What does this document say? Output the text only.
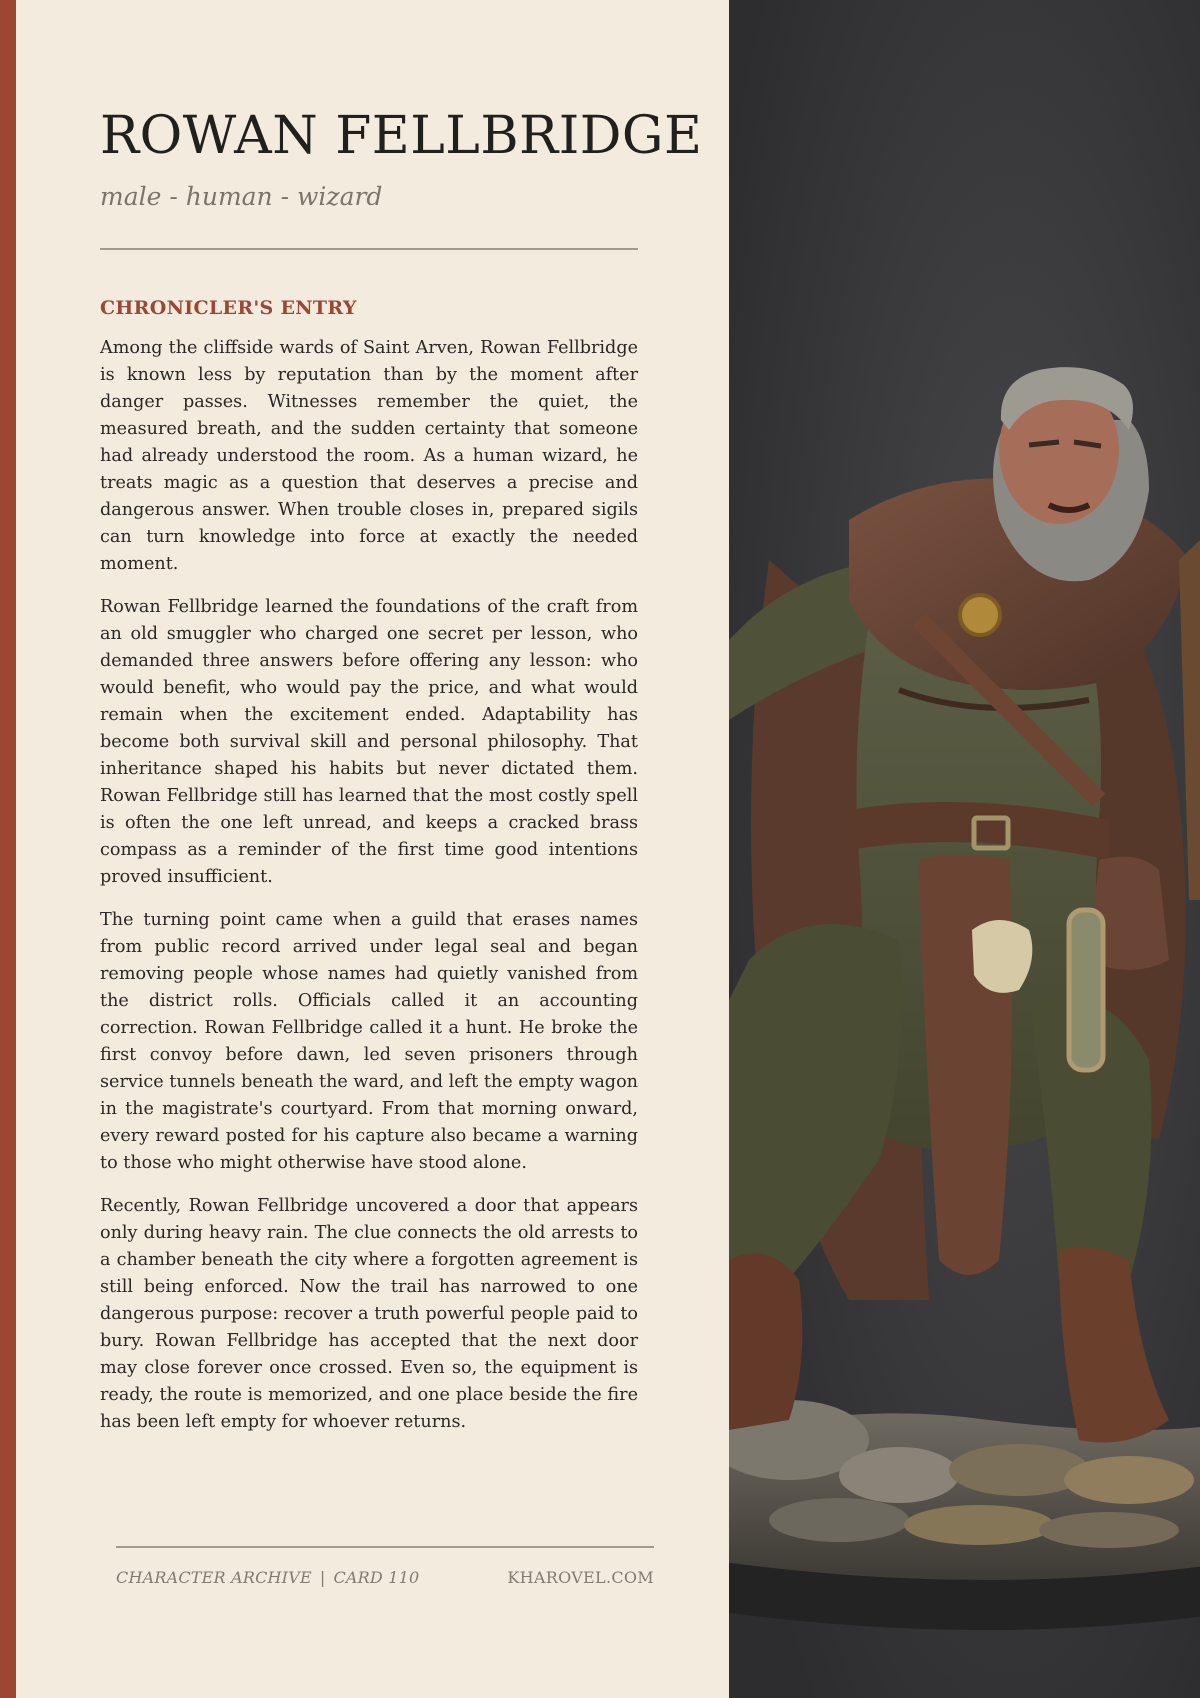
ROWAN FELLBRIDGE
male - human - wizard
CHRONICLER'S ENTRY

Among the cliffside wards of Saint Arven, Rowan Fellbridge is known less by reputation than by the moment after danger passes. Witnesses remember the quiet, the measured breath, and the sudden certainty that someone had already understood the room. As a human wizard, he treats magic as a question that deserves a precise and dangerous answer. When trouble closes in, prepared sigils can turn knowledge into force at exactly the needed moment.

Rowan Fellbridge learned the foundations of the craft from an old smuggler who charged one secret per lesson, who demanded three answers before offering any lesson: who would benefit, who would pay the price, and what would remain when the excitement ended. Adaptability has become both survival skill and personal philosophy. That inheritance shaped his habits but never dictated them. Rowan Fellbridge still has learned that the most costly spell is often the one left unread, and keeps a cracked brass compass as a reminder of the first time good intentions proved insufficient.

The turning point came when a guild that erases names from public record arrived under legal seal and began removing people whose names had quietly vanished from the district rolls. Officials called it an accounting correction. Rowan Fellbridge called it a hunt. He broke the first convoy before dawn, led seven prisoners through service tunnels beneath the ward, and left the empty wagon in the magistrate's courtyard. From that morning onward, every reward posted for his capture also became a warning to those who might otherwise have stood alone.

Recently, Rowan Fellbridge uncovered a door that appears only during heavy rain. The clue connects the old arrests to a chamber beneath the city where a forgotten agreement is still being enforced. Now the trail has narrowed to one dangerous purpose: recover a truth powerful people paid to bury. Rowan Fellbridge has accepted that the next door may close forever once crossed. Even so, the equipment is ready, the route is memorized, and one place beside the fire has been left empty for whoever returns.

CHARACTER ARCHIVE | CARD 110	KHAROVEL.COM
